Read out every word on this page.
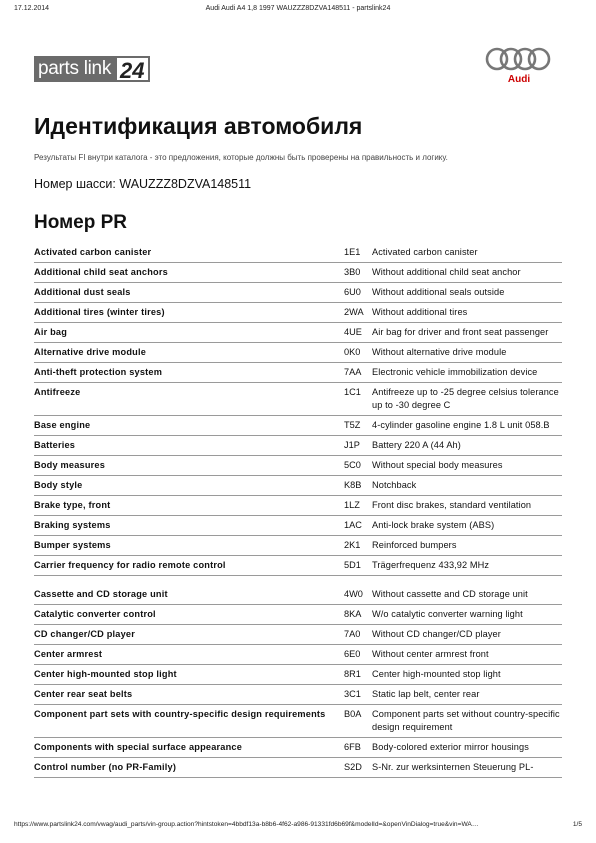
17.12.2014	Audi Audi A4 1,8 1997 WAUZZZ8DZVA148511 - partslink24
parts link 24	Audi
Идентификация автомобиля
Результаты FI внутри каталога - это предложения, которые должны быть проверены на правильность и логику.
Номер шасси: WAUZZZ8DZVA148511
Номер PR
Activated carbon canister	1E1	Activated carbon canister
Additional child seat anchors	3B0	Without additional child seat anchor
Additional dust seals	6U0	Without additional seals outside
Additional tires (winter tires)	2WA Without additional tires
Air bag	4UE	Air bag for driver and front seat passenger
Alternative drive module	0K0	Without alternative drive module
Anti-theft protection system	7AA	Electronic vehicle immobilization device
Antifreeze	1C1	Antifreeze up to -25 degree celsius tolerance up to -30 degree C
Base engine	T5Z	4-cylinder gasoline engine 1.8 L unit 058.B
Batteries	J1P	Battery 220 A (44 Ah)
Body measures	5C0	Without special body measures
Body style	K8B	Notchback
Brake type, front	1LZ	Front disc brakes, standard ventilation
Braking systems	1AC	Anti-lock brake system (ABS)
Bumper systems	2K1	Reinforced bumpers
Carrier frequency for radio remote control	5D1	Trägerfrequenz 433,92 MHz
Cassette and CD storage unit	4W0 Without cassette and CD storage unit
Catalytic converter control	8KA	W/o catalytic converter warning light
CD changer/CD player	7A0	Without CD changer/CD player
Center armrest	6E0	Without center armrest front
Center high-mounted stop light	8R1	Center high-mounted stop light
Center rear seat belts	3C1	Static lap belt, center rear
Component part sets with country-specific design requirements	B0A	Component parts set without country-specific design requirement
Components with special surface appearance	6FB	Body-colored exterior mirror housings
Control number (no PR-Family)	S2D	S-Nr. zur werksinternen Steuerung PL-
https://www.partslink24.com/vwag/audi_parts/vin-group.action?hintstoken=4bbdf13a-b8b6-4f62-a986-91331fd6b69f&modelId=&openVinDialog=true&vin=WA…	1/5
